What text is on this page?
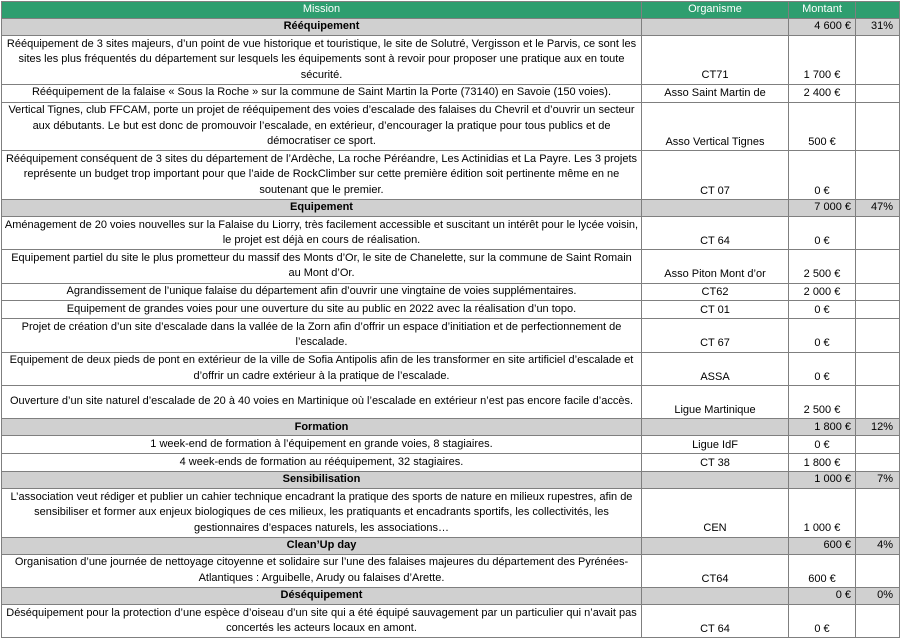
Mission	Organisme	Montant	
Rééquipement		4 600 €	31%
Rééquipement de 3 sites majeurs, d’un point de vue historique et touristique, le site de Solutré, Vergisson et le Parvis, ce sont les sites les plus fréquentés du département sur lesquels les équipements sont à revoir pour proposer une pratique aux en toute sécurité.	CT71	1 700 €	
Rééquipement de la falaise « Sous la Roche » sur la commune de Saint Martin la Porte (73140) en Savoie (150 voies).	Asso Saint Martin de	2 400 €	
Vertical Tignes, club FFCAM, porte un projet de rééquipement des voies d’escalade des falaises du Chevril et d’ouvrir un secteur aux débutants. Le but est donc de promouvoir l’escalade, en extérieur, d’encourager la pratique pour tous publics et de démocratiser ce sport.	Asso Vertical Tignes	500 €	
Rééquipement conséquent de 3 sites du département de l’Ardèche, La roche Péréandre, Les Actinidias et La Payre. Les 3 projets représente un budget trop important pour que l’aide de RockClimber sur cette première édition soit pertinente même en ne soutenant que le premier.	CT 07	0 €	
Equipement		7 000 €	47%
Aménagement de 20 voies nouvelles sur la Falaise du Liorry, très facilement accessible et suscitant un intérêt pour le lycée voisin, le projet est déjà en cours de réalisation.	CT 64	0 €	
Equipement partiel du site le plus prometteur du massif des Monts d’Or, le site de Chanelette, sur la commune de Saint Romain au Mont d’Or.	Asso Piton Mont d’or	2 500 €	
Agrandissement de l’unique falaise du département afin d’ouvrir une vingtaine de voies supplémentaires.	CT62	2 000 €	
Equipement de grandes voies pour une ouverture du site au public en 2022 avec la réalisation d’un topo.	CT 01	0 €	
Projet de création d’un site d’escalade dans la vallée de la Zorn afin d’offrir un espace d’initiation et de perfectionnement de l’escalade.	CT 67	0 €	
Equipement de deux pieds de pont en extérieur de la ville de Sofia Antipolis afin de les transformer en site artificiel d’escalade et d’offrir un cadre extérieur à la pratique de l’escalade.	ASSA	0 €	
Ouverture d’un site naturel d’escalade de 20 à 40 voies en Martinique où l’escalade en extérieur n’est pas encore facile d’accès.	Ligue Martinique	2 500 €	
Formation		1 800 €	12%
1 week-end de formation à l’équipement en grande voies, 8 stagiaires.	Ligue IdF	0 €	
4 week-ends de formation au rééquipement, 32 stagiaires.	CT 38	1 800 €	
Sensibilisation		1 000 €	7%
L’association veut rédiger et publier un cahier technique encadrant la pratique des sports de nature en milieux rupestres, afin de sensibiliser et former aux enjeux biologiques de ces milieux, les pratiquants et encadrants sportifs, les collectivités, les gestionnaires d’espaces naturels, les associations…	CEN	1 000 €	
Clean’Up day		600 €	4%
Organisation d’une journée de nettoyage citoyenne et solidaire sur l’une des falaises majeures du département des Pyrénées-Atlantiques : Arguibelle, Arudy ou falaises d’Arette.	CT64	600 €	
Déséquipement		0 €	0%
Déséquipement pour la protection d’une espèce d’oiseau d’un site qui a été équipé sauvagement par un particulier qui n’avait pas concertés les acteurs locaux en amont.	CT 64	0 €	
